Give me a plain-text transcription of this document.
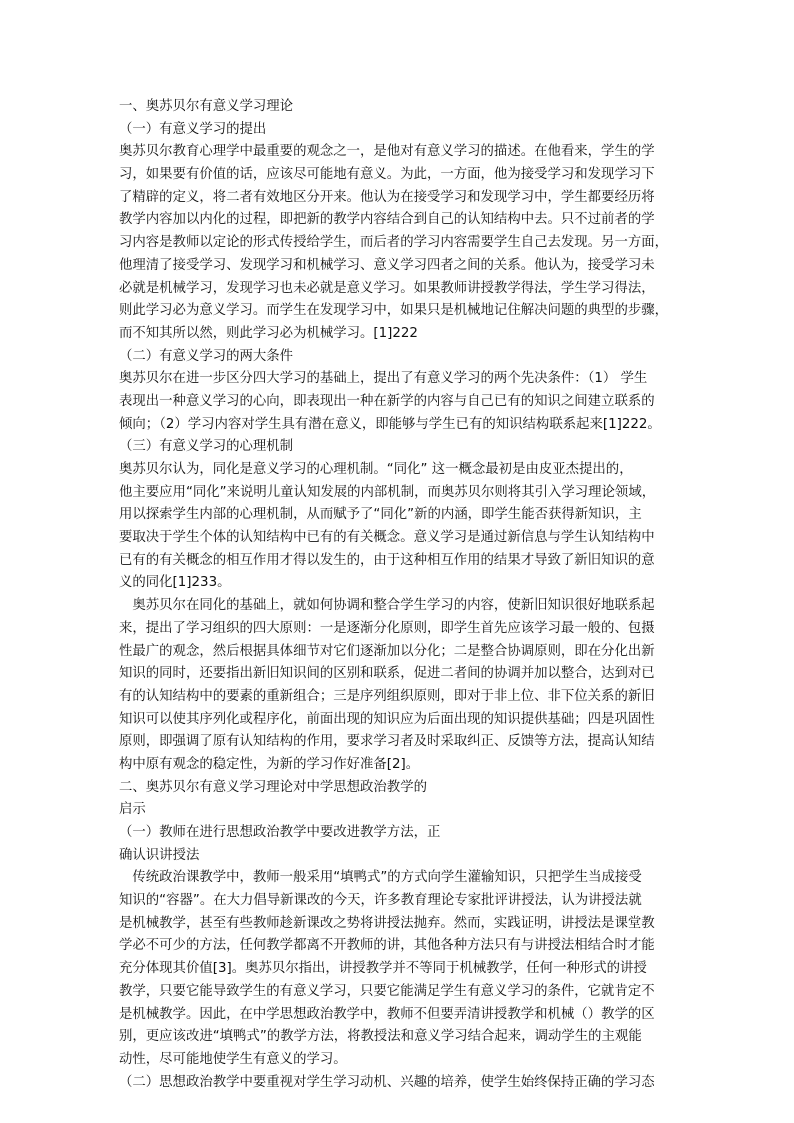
一、奥苏贝尔有意义学习理论
（一）有意义学习的提出
奥苏贝尔教育心理学中最重要的观念之一，是他对有意义学习的描述。在他看来，学生的学
习，如果要有价值的话，应该尽可能地有意义。为此，一方面，他为接受学习和发现学习下
了精辟的定义，将二者有效地区分开来。他认为在接受学习和发现学习中，学生都要经历将
教学内容加以内化的过程，即把新的教学内容结合到自己的认知结构中去。只不过前者的学
习内容是教师以定论的形式传授给学生，而后者的学习内容需要学生自己去发现。另一方面，
他理清了接受学习、发现学习和机械学习、意义学习四者之间的关系。他认为，接受学习未
必就是机械学习，发现学习也未必就是意义学习。如果教师讲授教学得法，学生学习得法，
则此学习必为意义学习。而学生在发现学习中，如果只是机械地记住解决问题的典型的步骤，
而不知其所以然，则此学习必为机械学习。[1]222
（二）有意义学习的两大条件
奥苏贝尔在进一步区分四大学习的基础上，提出了有意义学习的两个先决条件：（1） 学生
表现出一种意义学习的心向，即表现出一种在新学的内容与自己已有的知识之间建立联系的
倾向；（2）学习内容对学生具有潜在意义，即能够与学生已有的知识结构联系起来[1]222。
（三）有意义学习的心理机制
奥苏贝尔认为，同化是意义学习的心理机制。“同化” 这一概念最初是由皮亚杰提出的，
他主要应用“同化”来说明儿童认知发展的内部机制，而奥苏贝尔则将其引入学习理论领域，
用以探索学生内部的心理机制，从而赋予了“同化”新的内涵，即学生能否获得新知识，主
要取决于学生个体的认知结构中已有的有关概念。意义学习是通过新信息与学生认知结构中
已有的有关概念的相互作用才得以发生的，由于这种相互作用的结果才导致了新旧知识的意
义的同化[1]233。
　奥苏贝尔在同化的基础上，就如何协调和整合学生学习的内容，使新旧知识很好地联系起
来，提出了学习组织的四大原则：一是逐渐分化原则，即学生首先应该学习最一般的、包摄
性最广的观念，然后根据具体细节对它们逐渐加以分化；二是整合协调原则，即在分化出新
知识的同时，还要指出新旧知识间的区别和联系，促进二者间的协调并加以整合，达到对已
有的认知结构中的要素的重新组合；三是序列组织原则，即对于非上位、非下位关系的新旧
知识可以使其序列化或程序化，前面出现的知识应为后面出现的知识提供基础；四是巩固性
原则，即强调了原有认知结构的作用，要求学习者及时采取纠正、反馈等方法，提高认知结
构中原有观念的稳定性，为新的学习作好准备[2]。
二、奥苏贝尔有意义学习理论对中学思想政治教学的
启示
（一）教师在进行思想政治教学中要改进教学方法，正
确认识讲授法
　传统政治课教学中，教师一般采用“填鸭式”的方式向学生灌输知识，只把学生当成接受
知识的“容器”。在大力倡导新课改的今天，许多教育理论专家批评讲授法，认为讲授法就
是机械教学，甚至有些教师趁新课改之势将讲授法抛弃。然而，实践证明，讲授法是课堂教
学必不可少的方法，任何教学都离不开教师的讲，其他各种方法只有与讲授法相结合时才能
充分体现其价值[3]。奥苏贝尔指出，讲授教学并不等同于机械教学，任何一种形式的讲授
教学，只要它能导致学生的有意义学习，只要它能满足学生有意义学习的条件，它就肯定不
是机械教学。因此，在中学思想政治教学中，教师不但要弄清讲授教学和机械（）教学的区
别，更应该改进“填鸭式”的教学方法，将教授法和意义学习结合起来，调动学生的主观能
动性，尽可能地使学生有意义的学习。
（二）思想政治教学中要重视对学生学习动机、兴趣的培养，使学生始终保持正确的学习态
